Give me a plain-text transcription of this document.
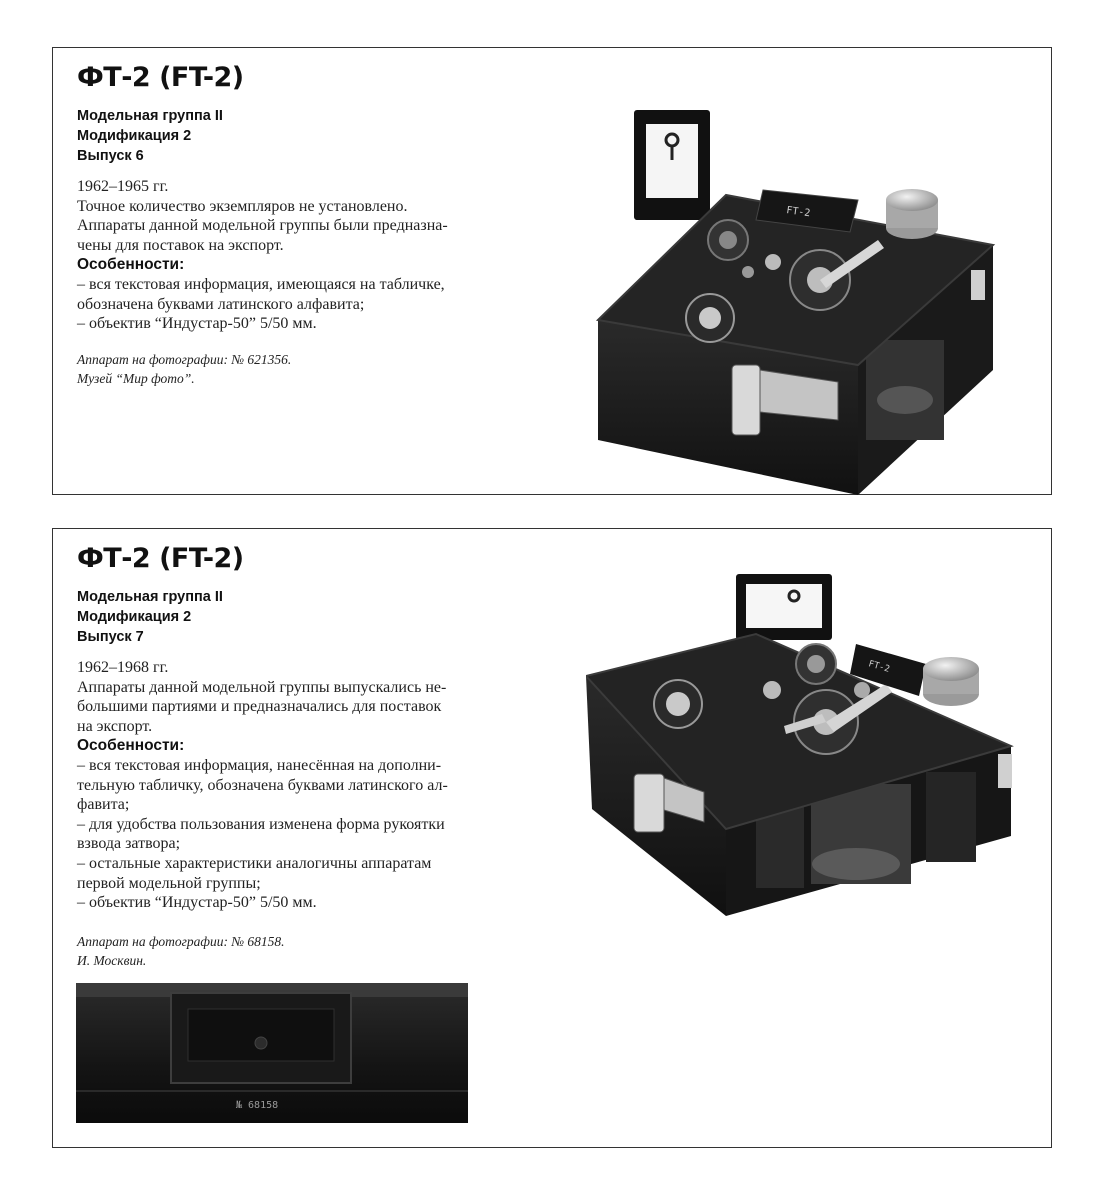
ФТ-2 (FT-2)
Модельная группа II
Модификация 2
Выпуск 6
1962–1965 гг.
Точное количество экземпляров не установлено.
Аппараты данной модельной группы были предназна-
чены для поставок на экспорт.
Особенности:
– вся текстовая информация, имеющаяся на табличке,
обозначена буквами латинского алфавита;
– объектив “Индустар-50” 5/50 мм.
Аппарат на фотографии: № 621356.
Музей “Мир фото”.
FT-2
ФТ-2 (FT-2)
Модельная группа II
Модификация 2
Выпуск 7
1962–1968 гг.
Аппараты данной модельной группы выпускались не-
большими партиями и предназначались для поставок
на экспорт.
Особенности:
– вся текстовая информация, нанесённая на дополни-
тельную табличку, обозначена буквами латинского ал-
фавита;
– для удобства пользования изменена форма рукоятки
взвода затвора;
– остальные характеристики аналогичны аппаратам
первой модельной группы;
– объектив “Индустар-50” 5/50 мм.
Аппарат на фотографии: № 68158.
И. Москвин.
№ 68158
FT-2
